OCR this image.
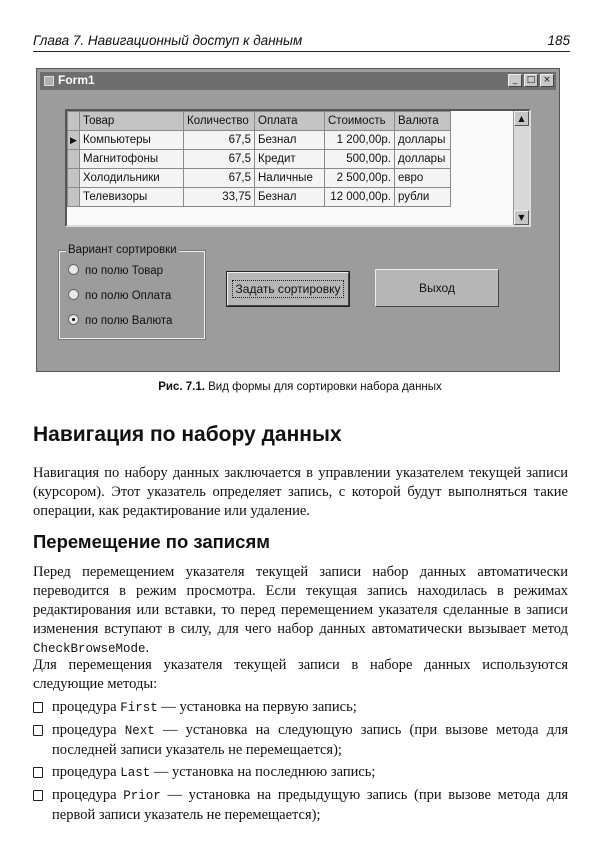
Глава 7. Навигационный доступ к данным	185
Form1	_	□ ×
	Товар	Количество	Оплата	Стоимость	Валюта
▶	Компьютеры	67,5	Безнал	1 200,00р.	доллары
	Магнитофоны	67,5	Кредит	500,00р.	доллары
	Холодильники	67,5	Наличные	2 500,00р.	евро
	Телевизоры	33,75	Безнал	12 000,00р.	рубли
▲
▼
Вариант сортировки
по полю Товар
по полю Оплата
по полю Валюта
Задать сортировку	Выход
Рис. 7.1. Вид формы для сортировки набора данных
Навигация по набору данных

Навигация по набору данных заключается в управлении указателем текущей записи (курсором). Этот указатель определяет запись, с которой будут выполняться такие операции, как редактирование или удаление.

Перемещение по записям

Перед перемещением указателя текущей записи набор данных автоматически переводится в режим просмотра. Если текущая запись находилась в режимах редактирования или вставки, то перед перемещением указателя сделанные в записи изменения вступают в силу, для чего набор данных автоматически вызывает метод CheckBrowseMode.

Для перемещения указателя текущей записи в наборе данных используются следующие методы:

процедура First — установка на первую запись;
процедура Next — установка на следующую запись (при вызове метода для последней записи указатель не перемещается);
процедура Last — установка на последнюю запись;
процедура Prior — установка на предыдущую запись (при вызове метода для первой записи указатель не перемещается);
